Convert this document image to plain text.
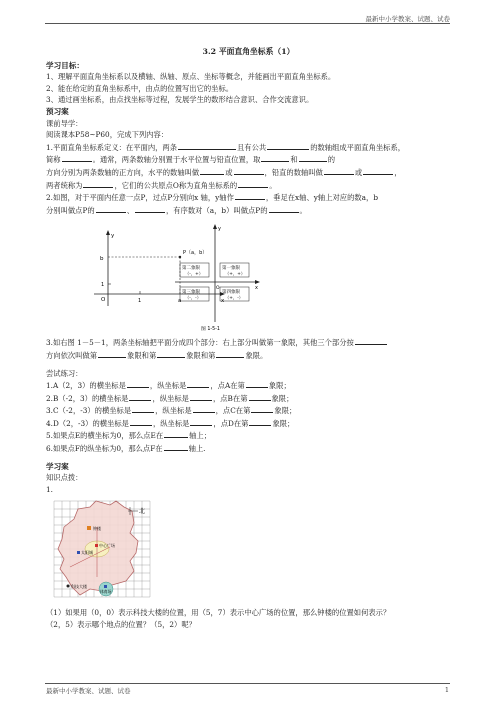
最新中小学教案、试题、试卷
3.2 平面直角坐标系（1）
学习目标：
1、理解平面直角坐标系以及横轴、纵轴、原点、坐标等概念，并能画出平面直角坐标系。
2、能在给定的直角坐标系中，由点的位置写出它的坐标。
3、通过画坐标系，由点找坐标等过程，发展学生的数形结合意识、合作交流意识。
预习案
课前导学：
阅读课本P58~P60，完成下列内容：
1.平面直角坐标系定义：在平面内，两条	且有公共	的数轴组成平面直角坐标系，
简称	。通常，两条数轴分别置于水平位置与铅直位置，取	和	的
方向分别为两条数轴的正方向，水平的数轴叫做	或	，铅直的数轴叫做	或	，
两者统称为	，它们的公共原点O称为直角坐标系的	。
2.如图，对于平面内任意一点P，过点P分别向x 轴，y轴作	，垂足在x轴、y轴上对应的数a，b
分别叫做点P的	、	，有序数对（a，b）叫做点P的	。
P（a，b）
b
1
O	1	a	x
y
y
x
O
第二象限
（-，+）
第一象限
（+，+）
第三象限
（-，-）
第四象限
（+，-）
图 1-5-1
3.如右图 1－5－1，两条坐标轴把平面分成四个部分：右上部分叫做第一象限，其他三个部分按
方向依次叫做第	象限和第	象限和第	象限。
尝试练习：
1.A（2，3）的横坐标是	，纵坐标是	，点A在第	象限；
2.B（-2，3）的横坐标是	，纵坐标是	，点B在第	象限；
3.C（-2，-3）的横坐标是	，纵坐标是	，点C在第	象限；
4.D（2，-3）的横坐标是	，纵坐标是	，点D在第	象限；
5.如果点E的横坐标为0，那么点E在	轴上；
6.如果点F的纵坐标为0，那么点F在	轴上.
学习案
知识点拨：
1.
钟楼
中心广场
太阳城
科技大楼
体育场
北
（1）如果用（0，0）表示科技大楼的位置，用（5，7）表示中心广场的位置，那么钟楼的位置如何表示？
（2，5）表示哪个地点的位置？（5，2）呢？
最新中小学教案、试题、试卷	1
